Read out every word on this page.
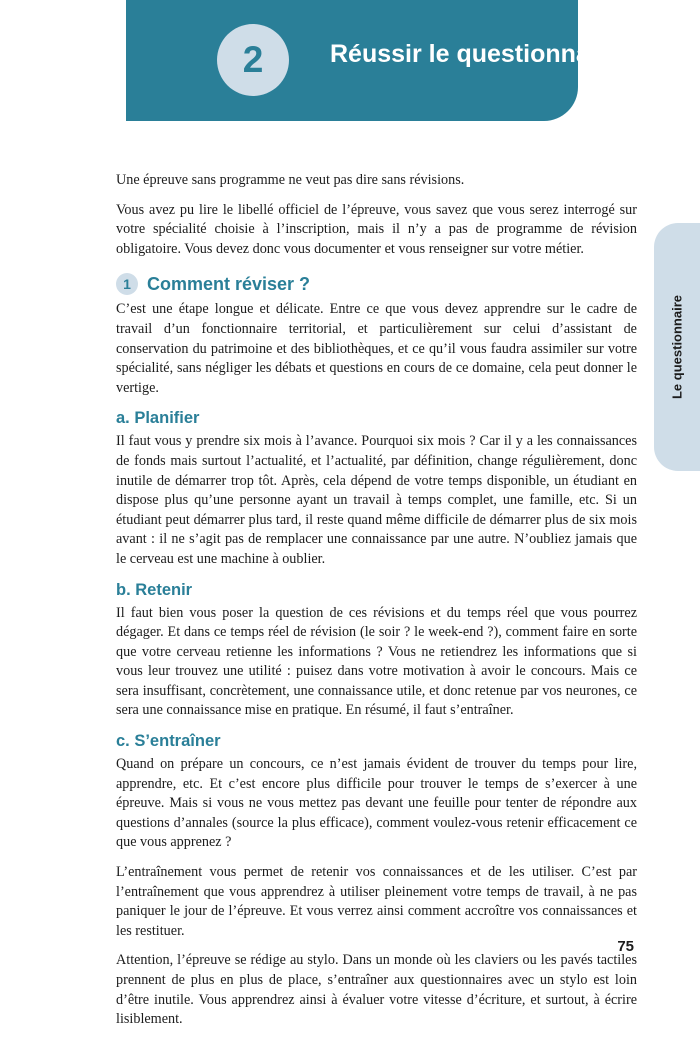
2	Réussir le questionnaire
Le questionnaire

Une épreuve sans programme ne veut pas dire sans révisions.

Vous avez pu lire le libellé officiel de l’épreuve, vous savez que vous serez interrogé sur votre spécialité choisie à l’inscription, mais il n’y a pas de programme de révision obligatoire. Vous devez donc vous documenter et vous renseigner sur votre métier.

1 Comment réviser ?

C’est une étape longue et délicate. Entre ce que vous devez apprendre sur le cadre de travail d’un fonctionnaire territorial, et particulièrement sur celui d’assistant de conservation du patrimoine et des bibliothèques, et ce qu’il vous faudra assimiler sur votre spécialité, sans négliger les débats et questions en cours de ce domaine, cela peut donner le vertige.

a. Planifier

Il faut vous y prendre six mois à l’avance. Pourquoi six mois ? Car il y a les connaissances de fonds mais surtout l’actualité, et l’actualité, par définition, change régulièrement, donc inutile de démarrer trop tôt. Après, cela dépend de votre temps disponible, un étudiant en dispose plus qu’une personne ayant un travail à temps complet, une famille, etc. Si un étudiant peut démarrer plus tard, il reste quand même difficile de démarrer plus de six mois avant : il ne s’agit pas de remplacer une connaissance par une autre. N’oubliez jamais que le cerveau est une machine à oublier.

b. Retenir

Il faut bien vous poser la question de ces révisions et du temps réel que vous pourrez dégager. Et dans ce temps réel de révision (le soir ? le week-end ?), comment faire en sorte que votre cerveau retienne les informations ? Vous ne retiendrez les informations que si vous leur trouvez une utilité : puisez dans votre motivation à avoir le concours. Mais ce sera insuffisant, concrètement, une connaissance utile, et donc retenue par vos neurones, ce sera une connaissance mise en pratique. En résumé, il faut s’entraîner.

c. S’entraîner

Quand on prépare un concours, ce n’est jamais évident de trouver du temps pour lire, apprendre, etc. Et c’est encore plus difficile pour trouver le temps de s’exercer à une épreuve. Mais si vous ne vous mettez pas devant une feuille pour tenter de répondre aux questions d’annales (source la plus efficace), comment voulez-vous retenir efficacement ce que vous apprenez ?

L’entraînement vous permet de retenir vos connaissances et de les utiliser. C’est par l’entraînement que vous apprendrez à utiliser pleinement votre temps de travail, à ne pas paniquer le jour de l’épreuve. Et vous verrez ainsi comment accroître vos connaissances et les restituer.

Attention, l’épreuve se rédige au stylo. Dans un monde où les claviers ou les pavés tactiles prennent de plus en plus de place, s’entraîner aux questionnaires avec un stylo est loin d’être inutile. Vous apprendrez ainsi à évaluer votre vitesse d’écriture, et surtout, à écrire lisiblement.

75
